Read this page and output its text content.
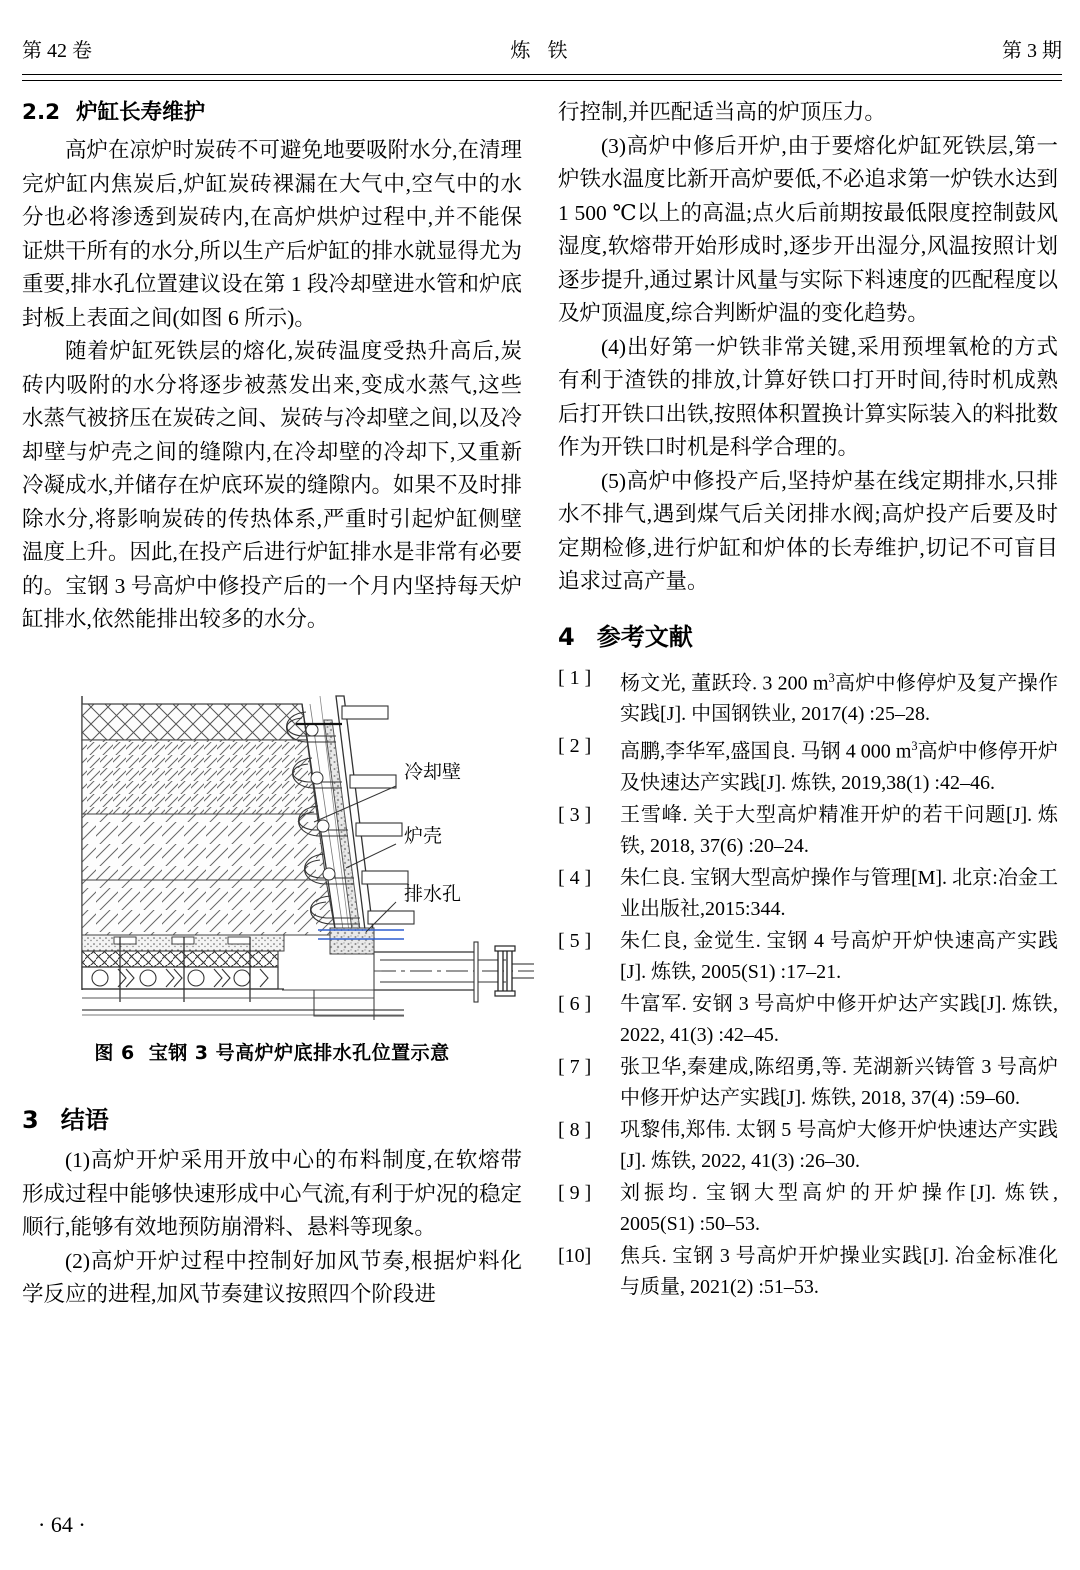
第 42 卷	炼 铁	第 3 期
2.2 炉缸长寿维护

高炉在凉炉时炭砖不可避免地要吸附水分,在清理完炉缸内焦炭后,炉缸炭砖裸漏在大气中,空气中的水分也必将渗透到炭砖内,在高炉烘炉过程中,并不能保证烘干所有的水分,所以生产后炉缸的排水就显得尤为重要,排水孔位置建议设在第 1 段冷却壁进水管和炉底封板上表面之间(如图 6 所示)。

随着炉缸死铁层的熔化,炭砖温度受热升高后,炭砖内吸附的水分将逐步被蒸发出来,变成水蒸气,这些水蒸气被挤压在炭砖之间、炭砖与冷却壁之间,以及冷却壁与炉壳之间的缝隙内,在冷却壁的冷却下,又重新冷凝成水,并储存在炉底环炭的缝隙内。如果不及时排除水分,将影响炭砖的传热体系,严重时引起炉缸侧壁温度上升。因此,在投产后进行炉缸排水是非常有必要的。宝钢 3 号高炉中修投产后的一个月内坚持每天炉缸排水,依然能排出较多的水分。

冷却壁
炉壳
排水孔
图 6 宝钢 3 号高炉炉底排水孔位置示意
3 结语

(1)高炉开炉采用开放中心的布料制度,在软熔带形成过程中能够快速形成中心气流,有利于炉况的稳定顺行,能够有效地预防崩滑料、悬料等现象。

(2)高炉开炉过程中控制好加风节奏,根据炉料化学反应的进程,加风节奏建议按照四个阶段进

行控制,并匹配适当高的炉顶压力。

(3)高炉中修后开炉,由于要熔化炉缸死铁层,第一炉铁水温度比新开高炉要低,不必追求第一炉铁水达到 1 500 ℃以上的高温;点火后前期按最低限度控制鼓风湿度,软熔带开始形成时,逐步开出湿分,风温按照计划逐步提升,通过累计风量与实际下料速度的匹配程度以及炉顶温度,综合判断炉温的变化趋势。

(4)出好第一炉铁非常关键,采用预埋氧枪的方式有利于渣铁的排放,计算好铁口打开时间,待时机成熟后打开铁口出铁,按照体积置换计算实际装入的料批数作为开铁口时机是科学合理的。

(5)高炉中修投产后,坚持炉基在线定期排水,只排水不排气,遇到煤气后关闭排水阀;高炉投产后要及时定期检修,进行炉缸和炉体的长寿维护,切记不可盲目追求过高产量。

4 参考文献
[ 1 ]	杨文光, 董跃玲. 3 200 $m^3$高炉中修停炉及复产操作实践[J]. 中国钢铁业, 2017(4) :25–28.
[ 2 ]	高鹏,李华军,盛国良. 马钢 4 000 $m^3$高炉中修停开炉及快速达产实践[J]. 炼铁, 2019,38(1) :42–46.
[ 3 ]	王雪峰. 关于大型高炉精准开炉的若干问题[J]. 炼铁, 2018, 37(6) :20–24.
[ 4 ]	朱仁良. 宝钢大型高炉操作与管理[M]. 北京:冶金工业出版社,2015:344.
[ 5 ]	朱仁良, 金觉生. 宝钢 4 号高炉开炉快速高产实践[J]. 炼铁, 2005(S1) :17–21.
[ 6 ]	牛富军. 安钢 3 号高炉中修开炉达产实践[J]. 炼铁, 2022, 41(3) :42–45.
[ 7 ]	张卫华,秦建成,陈绍勇,等. 芜湖新兴铸管 3 号高炉中修开炉达产实践[J]. 炼铁, 2018, 37(4) :59–60.
[ 8 ]	巩黎伟,郑伟. 太钢 5 号高炉大修开炉快速达产实践[J]. 炼铁, 2022, 41(3) :26–30.
[ 9 ]	刘振均. 宝钢大型高炉的开炉操作[J]. 炼铁, 2005(S1) :50–53.
[10]	焦兵. 宝钢 3 号高炉开炉操业实践[J]. 冶金标准化与质量, 2021(2) :51–53.
· 64 ·
